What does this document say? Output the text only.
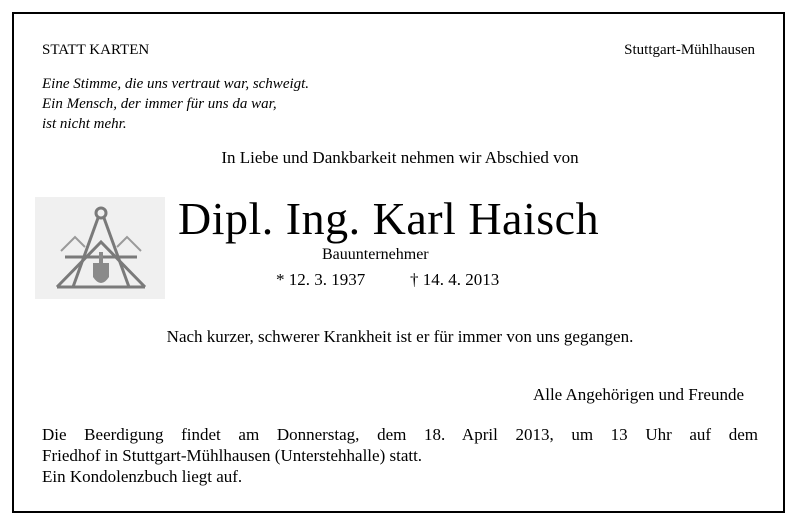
STATT KARTEN	Stuttgart-Mühlhausen
Eine Stimme, die uns vertraut war, schweigt.
Ein Mensch, der immer für uns da war,
ist nicht mehr.
In Liebe und Dankbarkeit nehmen wir Abschied von
Dipl. Ing. Karl Haisch
Bauunternehmer
* 12. 3. 1937	† 14. 4. 2013
Nach kurzer, schwerer Krankheit ist er für immer von uns gegangen.
Alle Angehörigen und Freunde
Die Beerdigung findet am Donnerstag, dem 18. April 2013, um 13 Uhr auf dem
Friedhof in Stuttgart-Mühlhausen (Unterstehhalle) statt.
Ein Kondolenzbuch liegt auf.
